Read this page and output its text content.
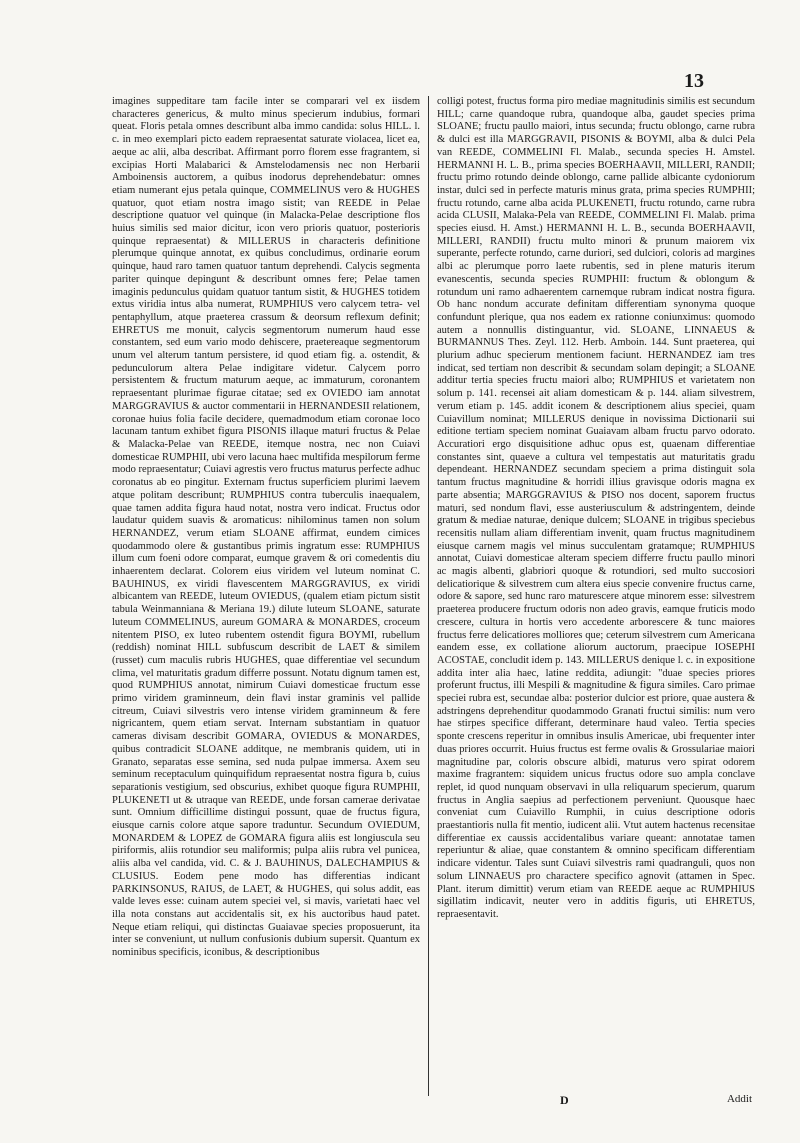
13

imagines suppeditare tam facile inter se comparari vel ex iisdem characteres genericus, & multo minus specierum indubius, formari queat. Floris petala omnes describunt alba immo candida: solus HILL. l. c. in meo exemplari picto eadem repraesentat saturate violacea, licet ea, aeque ac alii, alba describat. Affirmant porro florem esse fragrantem, si excipias Horti Malabarici & Amstelodamensis nec non Herbarii Amboinensis auctorem, a quibus inodorus deprehendebatur: omnes etiam numerant ejus petala quinque, COMMELINUS vero & HUGHES quatuor, quot etiam nostra imago sistit; van REEDE in Pelae descriptione quatuor vel quinque (in Malacka-Pelae descriptione flos huius similis sed maior dicitur, icon vero prioris quatuor, posterioris quinque repraesentat) & MILLERUS in characteris definitione plerumque quinque annotat, ex quibus concludimus, ordinarie eorum quinque, haud raro tamen quatuor tantum deprehendi. Calycis segmenta pariter quinque depingunt & describunt omnes fere; Pelae tamen imaginis pedunculus quidam quatuor tantum sistit, & HUGHES totidem extus viridia intus alba numerat, RUMPHIUS vero calycem tetra- vel pentaphyllum, atque praeterea crassum & deorsum reflexum definit; EHRETUS me monuit, calycis segmentorum numerum haud esse constantem, sed eum vario modo dehiscere, praetereaque segmentorum unum vel alterum tantum persistere, id quod etiam fig. a. ostendit, & pedunculorum altera Pelae indigitare videtur. Calycem porro persistentem & fructum maturum aeque, ac immaturum, coronantem repraesentant plurimae figurae citatae; sed ex OVIEDO iam annotat MARGGRAVIUS & auctor commentarii in HERNANDESII relationem, coronae huius folia facile decidere, quemadmodum etiam coronae loco lacunam tantum exhibet figura PISONIS illaque maturi fructus & Pelae & Malacka-Pelae van REEDE, itemque nostra, nec non Cuiavi domesticae RUMPHII, ubi vero lacuna haec multifida mespilorum ferme modo repraesentatur; Cuiavi agrestis vero fructus maturus perfecte adhuc coronatus ab eo pingitur. Externam fructus superficiem plurimi laevem atque politam describunt; RUMPHIUS contra tuberculis inaequalem, quae tamen addita figura haud notat, nostra vero indicat. Fructus odor laudatur quidem suavis & aromaticus: nihilominus tamen non solum HERNANDEZ, verum etiam SLOANE affirmat, eundem cimices quodammodo olere & gustantibus primis ingratum esse: RUMPHIUS illum cum foeni odore comparat, eumque gravem & ori comedentis diu inhaerentem declarat. Colorem eius viridem vel luteum nominat C. BAUHINUS, ex viridi flavescentem MARGGRAVIUS, ex viridi albicantem van REEDE, luteum OVIEDUS, (qualem etiam pictum sistit tabula Weinmanniana & Meriana 19.) dilute luteum SLOANE, saturate luteum COMMELINUS, aureum GOMARA & MONARDES, croceum nitentem PISO, ex luteo rubentem ostendit figura BOYMI, rubellum (reddish) nominat HILL subfuscum describit de LAET & similem (russet) cum maculis rubris HUGHES, quae differentiae vel secundum clima, vel maturitatis gradum differre possunt. Notatu dignum tamen est, quod RUMPHIUS annotat, nimirum Cuiavi domesticae fructum esse primo viridem graminneum, dein flavi instar graminis vel pallide citreum, Cuiavi silvestris vero intense viridem graminneum & fere nigricantem, quem etiam servat. Internam substantiam in quatuor cameras divisam describit GOMARA, OVIEDUS & MONARDES, quibus contradicit SLOANE additque, ne membranis quidem, uti in Granato, separatas esse semina, sed nuda pulpae immersa. Axem seu seminum receptaculum quinquifidum repraesentat nostra figura b, cuius separationis vestigium, sed obscurius, exhibet quoque figura RUMPHII, PLUKENETI ut & utraque van REEDE, unde forsan camerae derivatae sunt. Omnium difficillime distingui possunt, quae de fructus figura, eiusque carnis colore atque sapore traduntur. Secundum OVIEDUM, MONARDEM & LOPEZ de GOMARA figura aliis est longiuscula seu piriformis, aliis rotundior seu maliformis; pulpa aliis rubra vel punicea, aliis alba vel candida, vid. C. & J. BAUHINUS, DALECHAMPIUS & CLUSIUS. Eodem pene modo has differentias indicant PARKINSONUS, RAIUS, de LAET, & HUGHES, qui solus addit, eas valde leves esse: cuinam autem speciei vel, si mavis, varietati haec vel illa nota constans aut accidentalis sit, ex his auctoribus haud patet. Neque etiam reliqui, qui distinctas Guaiavae species proposuerunt, ita inter se conveniunt, ut nullum confusionis dubium supersit. Quantum ex nominibus specificis, iconibus, & descriptionibus

colligi potest, fructus forma piro mediae magnitudinis similis est secundum HILL; carne quandoque rubra, quandoque alba, gaudet species prima SLOANE; fructu paullo maiori, intus secunda; fructu oblongo, carne rubra & dulci est illa MARGGRAVII, PISONIS & BOYMI, alba & dulci Pela van REEDE, COMMELINI Fl. Malab., secunda species H. Amstel. HERMANNI H. L. B., prima species BOERHAAVII, MILLERI, RANDII; fructu primo rotundo deinde oblongo, carne pallide albicante cydoniorum instar, dulci sed in perfecte maturis minus grata, prima species RUMPHII; fructu rotundo, carne alba acida PLUKENETI, fructu rotundo, carne rubra acida CLUSII, Malaka-Pela van REEDE, COMMELINI Fl. Malab. prima species eiusd. H. Amst.) HERMANNI H. L. B., secunda BOERHAAVII, MILLERI, RANDII) fructu multo minori & prunum maiorem vix superante, perfecte rotundo, carne duriori, sed dulciori, coloris ad margines albi ac plerumque porro laete rubentis, sed in plene maturis iterum evanescentis, secunda species RUMPHII: fructum & oblongum & rotundum uni ramo adhaerentem carnemque rubram indicat nostra figura. Ob hanc nondum accurate definitam differentiam synonyma quoque confundunt plerique, qua nos eadem ex rationne coniunximus: quomodo autem a nonnullis distinguantur, vid. SLOANE, LINNAEUS & BURMANNUS Thes. Zeyl. 112. Herb. Amboin. 144. Sunt praeterea, qui plurium adhuc specierum mentionem faciunt. HERNANDEZ iam tres indicat, sed tertiam non describit & secundam solam depingit; a SLOANE additur tertia species fructu maiori albo; RUMPHIUS et varietatem non solum p. 141. recensei ait aliam domesticam & p. 144. aliam silvestrem, verum etiam p. 145. addit iconem & descriptionem alius speciei, quam Cuiavillum nominat; MILLERUS denique in novissima Dictionarii sui editione tertiam speciem nominat Guaiavam albam fructu parvo odorato. Accuratiori ergo disquisitione adhuc opus est, quaenam differentiae constantes sint, quaeve a cultura vel tempestatis aut maturitatis gradu dependeant. HERNANDEZ secundam speciem a prima distinguit sola tantum fructus magnitudine & horridi illius gravisque odoris magna ex parte absentia; MARGGRAVIUS & PISO nos docent, saporem fructus maturi, sed nondum flavi, esse austeriusculum & adstringentem, deinde gratum & mediae naturae, denique dulcem; SLOANE in trigibus speciebus recensitis nullam aliam differentiam invenit, quam fructus magnitudinem eiusque carnem magis vel minus succulentam gratamque; RUMPHIUS annotat, Cuiavi domesticae alteram speciem differre fructu paullo minori ac magis albenti, glabriori quoque & rotundiori, sed multo succosiori delicatiorique & silvestrem cum altera eius specie convenire fructus carne, odore & sapore, sed hunc raro maturescere atque minorem esse: silvestrem praeterea producere fructum odoris non adeo gravis, eamque fruticis modo crescere, cultura in hortis vero accedente arborescere & tunc maiores fructus ferre delicatiores molliores que; ceterum silvestrem cum Americana eandem esse, ex collatione aliorum auctorum, praecipue IOSEPHI ACOSTAE, concludit idem p. 143. MILLERUS denique l. c. in expositione addita inter alia haec, latine reddita, adiungit: "duae species priores proferunt fructus, illi Mespili & magnitudine & figura similes. Caro primae speciei rubra est, secundae alba: posterior dulcior est priore, quae austera & adstringens deprehenditur quodammodo Granati fructui similis: num vero hae stirpes specifice differant, determinare haud valeo. Tertia species sponte crescens reperitur in omnibus insulis Americae, ubi frequenter inter duas priores occurrit. Huius fructus est ferme ovalis & Grossulariae maiori magnitudine par, coloris obscure albidi, maturus vero spirat odorem maxime fragrantem: siquidem unicus fructus odore suo ampla conclave replet, id quod nunquam observavi in ulla reliquarum specierum, quarum fructus in Anglia saepius ad perfectionem perveniunt. Quousque haec conveniat cum Cuiavillo Rumphii, in cuius descriptione odoris praestantioris nulla fit mentio, iudicent alii. Vtut autem hactenus recensitae differentiae ex caussis accidentalibus variare queant: annotatae tamen reperiuntur & aliae, quae constantem & omnino specificam differentiam indicare videntur. Tales sunt Cuiavi silvestris rami quadranguli, quos non solum LINNAEUS pro charactere specifico agnovit (attamen in Spec. Plant. iterum dimittit) verum etiam van REEDE aeque ac RUMPHIUS sigillatim indicavit, neuter vero in additis figuris, uti EHRETUS, repraesentavit.

D	Addit
